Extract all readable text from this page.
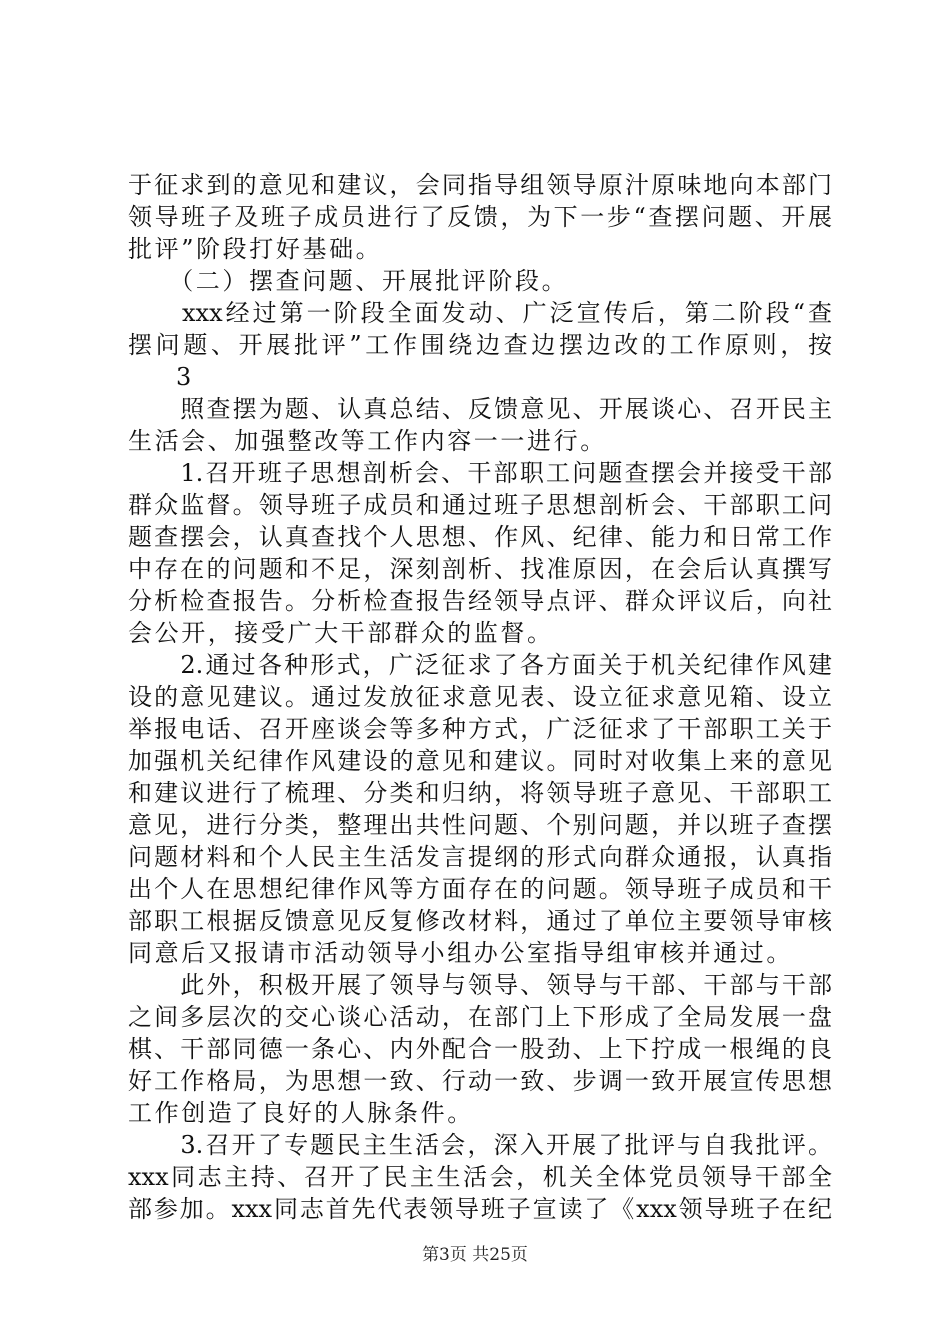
于征求到的意见和建议，会同指导组领导原汁原味地向本部门
领导班子及班子成员进行了反馈，为下一步“查摆问题、开展
批评”阶段打好基础。
　　（二）摆查问题、开展批评阶段。
　　xxx经过第一阶段全面发动、广泛宣传后，第二阶段“查
摆问题、开展批评”工作围绕边查边摆边改的工作原则，按
3
　　照查摆为题、认真总结、反馈意见、开展谈心、召开民主
生活会、加强整改等工作内容一一进行。
　　1.召开班子思想剖析会、干部职工问题查摆会并接受干部
群众监督。领导班子成员和通过班子思想剖析会、干部职工问
题查摆会，认真查找个人思想、作风、纪律、能力和日常工作
中存在的问题和不足，深刻剖析、找准原因，在会后认真撰写
分析检查报告。分析检查报告经领导点评、群众评议后，向社
会公开，接受广大干部群众的监督。
　　2.通过各种形式，广泛征求了各方面关于机关纪律作风建
设的意见建议。通过发放征求意见表、设立征求意见箱、设立
举报电话、召开座谈会等多种方式，广泛征求了干部职工关于
加强机关纪律作风建设的意见和建议。同时对收集上来的意见
和建议进行了梳理、分类和归纳，将领导班子意见、干部职工
意见，进行分类，整理出共性问题、个别问题，并以班子查摆
问题材料和个人民主生活发言提纲的形式向群众通报，认真指
出个人在思想纪律作风等方面存在的问题。领导班子成员和干
部职工根据反馈意见反复修改材料，通过了单位主要领导审核
同意后又报请市活动领导小组办公室指导组审核并通过。
　　此外，积极开展了领导与领导、领导与干部、干部与干部
之间多层次的交心谈心活动，在部门上下形成了全局发展一盘
棋、干部同德一条心、内外配合一股劲、上下拧成一根绳的良
好工作格局，为思想一致、行动一致、步调一致开展宣传思想
工作创造了良好的人脉条件。
　　3.召开了专题民主生活会，深入开展了批评与自我批评。
xxx同志主持、召开了民主生活会，机关全体党员领导干部全
部参加。xxx同志首先代表领导班子宣读了《xxx领导班子在纪
第3页 共25页
